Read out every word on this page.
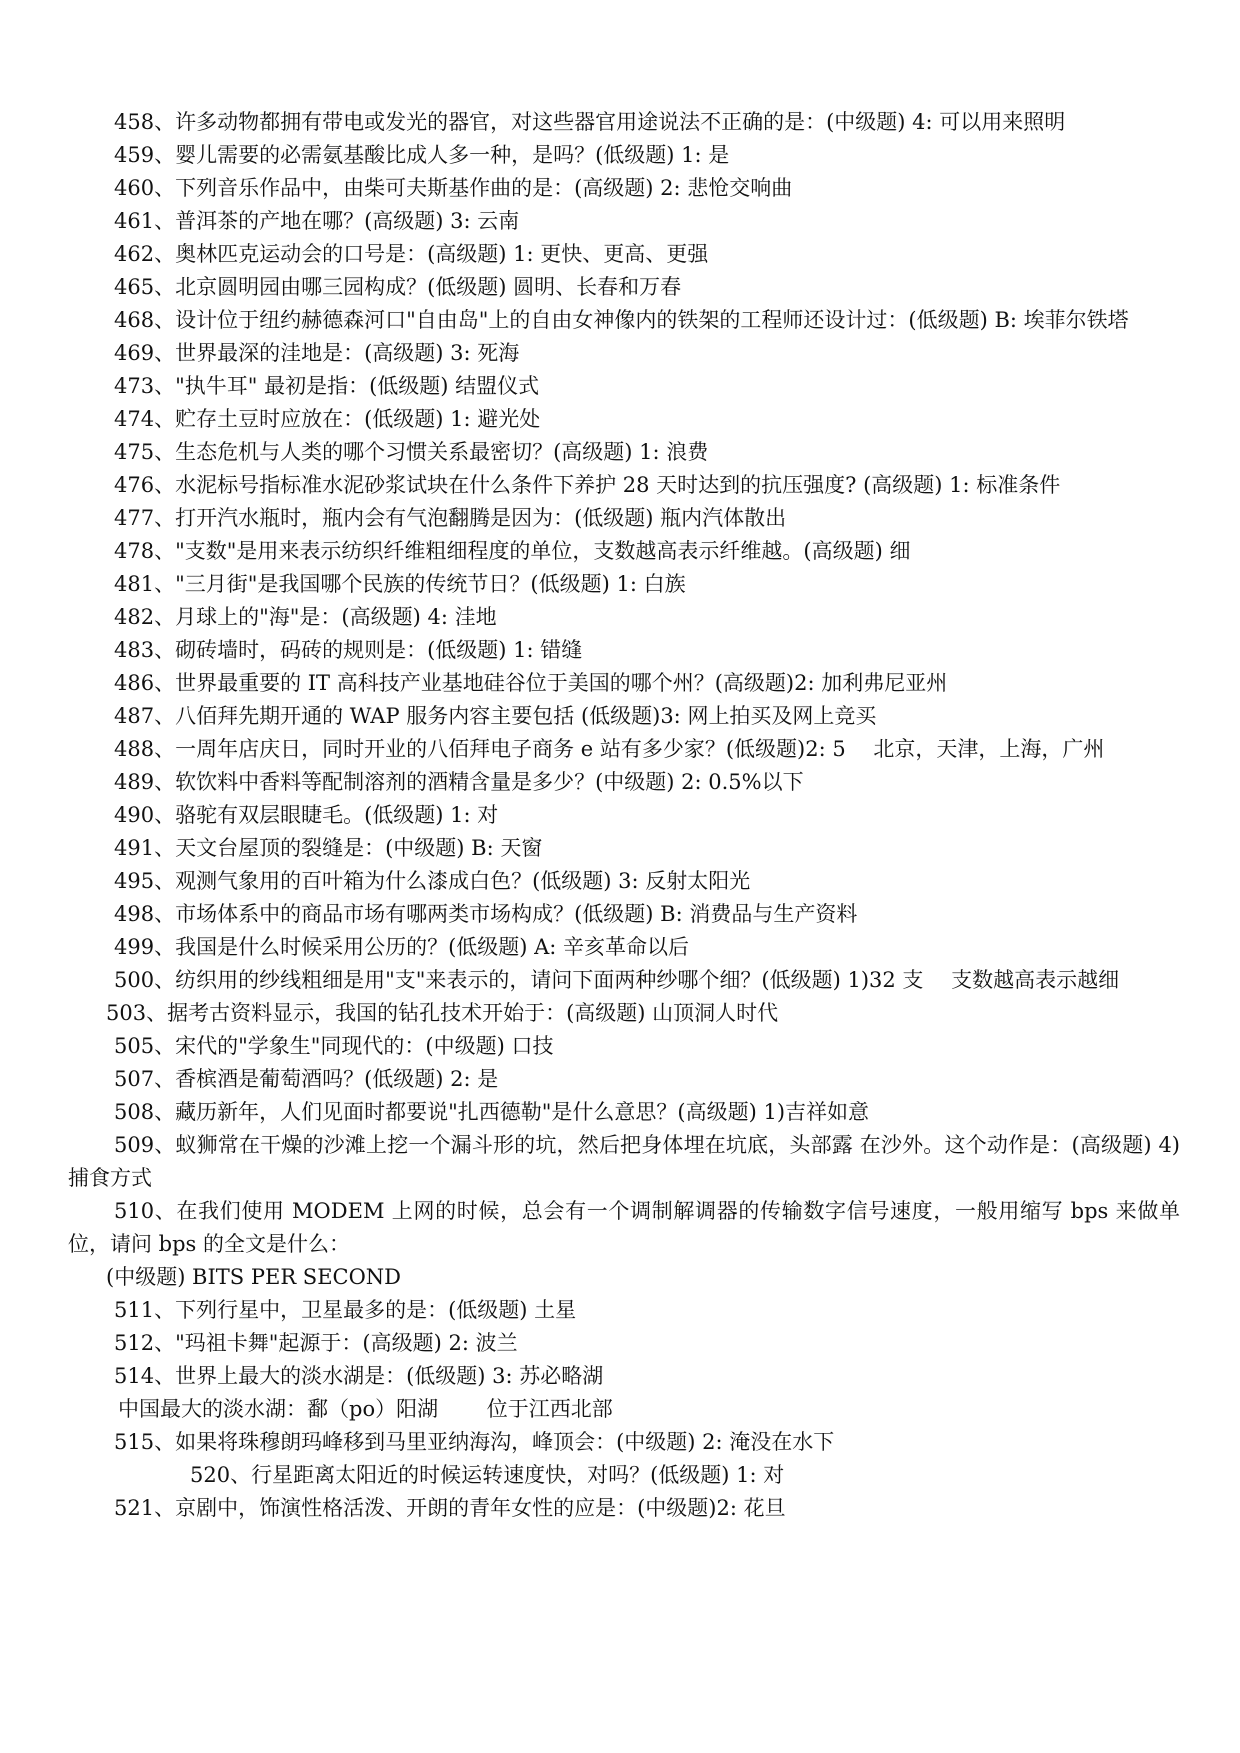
458、许多动物都拥有带电或发光的器官，对这些器官用途说法不正确的是：(中级题) 4: 可以用来照明

459、婴儿需要的必需氨基酸比成人多一种，是吗？(低级题) 1: 是

460、下列音乐作品中，由柴可夫斯基作曲的是：(高级题) 2: 悲怆交响曲

461、普洱茶的产地在哪？(高级题) 3: 云南

462、奥林匹克运动会的口号是：(高级题) 1: 更快、更高、更强

465、北京圆明园由哪三园构成？(低级题) 圆明、长春和万春

468、设计位于纽约赫德森河口"自由岛"上的自由女神像内的铁架的工程师还设计过：(低级题) B: 埃菲尔铁塔

469、世界最深的洼地是：(高级题) 3: 死海

473、"执牛耳" 最初是指：(低级题) 结盟仪式

474、贮存土豆时应放在：(低级题) 1: 避光处

475、生态危机与人类的哪个习惯关系最密切？(高级题) 1: 浪费

476、水泥标号指标准水泥砂浆试块在什么条件下养护 28 天时达到的抗压强度? (高级题) 1: 标准条件

477、打开汽水瓶时，瓶内会有气泡翻腾是因为：(低级题) 瓶内汽体散出

478、"支数"是用来表示纺织纤维粗细程度的单位，支数越高表示纤维越。(高级题) 细

481、"三月街"是我国哪个民族的传统节日？(低级题) 1: 白族

482、月球上的"海"是：(高级题) 4: 洼地

483、砌砖墙时，码砖的规则是：(低级题) 1: 错缝

486、世界最重要的 IT 高科技产业基地硅谷位于美国的哪个州？(高级题)2: 加利弗尼亚州

487、八佰拜先期开通的 WAP 服务内容主要包括 (低级题)3: 网上拍买及网上竞买

488、一周年店庆日，同时开业的八佰拜电子商务 e 站有多少家？(低级题)2: 5　 北京，天津，上海，广州

489、软饮料中香料等配制溶剂的酒精含量是多少？(中级题) 2: 0.5%以下

490、骆驼有双层眼睫毛。(低级题) 1: 对

491、天文台屋顶的裂缝是：(中级题) B: 天窗

495、观测气象用的百叶箱为什么漆成白色？(低级题) 3: 反射太阳光

498、市场体系中的商品市场有哪两类市场构成？(低级题) B: 消费品与生产资料

499、我国是什么时候采用公历的？(低级题) A: 辛亥革命以后

500、纺织用的纱线粗细是用"支"来表示的，请问下面两种纱哪个细？(低级题) 1)32 支　 支数越高表示越细

503、据考古资料显示，我国的钻孔技术开始于：(高级题) 山顶洞人时代

505、宋代的"学象生"同现代的：(中级题) 口技

507、香槟酒是葡萄酒吗？(低级题) 2: 是

508、藏历新年，人们见面时都要说"扎西德勒"是什么意思？(高级题) 1)吉祥如意

509、蚁狮常在干燥的沙滩上挖一个漏斗形的坑，然后把身体埋在坑底，头部露 在沙外。这个动作是：(高级题) 4)捕食方式

510、在我们使用 MODEM 上网的时候，总会有一个调制解调器的传输数字信号速度，一般用缩写 bps 来做单位，请问 bps 的全文是什么：

(中级题) BITS PER SECOND

511、下列行星中，卫星最多的是：(低级题) 土星

512、"玛祖卡舞"起源于：(高级题) 2: 波兰

514、世界上最大的淡水湖是：(低级题) 3: 苏必略湖

中国最大的淡水湖：鄱（po）阳湖　　 位于江西北部

515、如果将珠穆朗玛峰移到马里亚纳海沟，峰顶会：(中级题) 2: 淹没在水下

520、行星距离太阳近的时候运转速度快，对吗？(低级题) 1: 对

521、京剧中，饰演性格活泼、开朗的青年女性的应是：(中级题)2: 花旦
